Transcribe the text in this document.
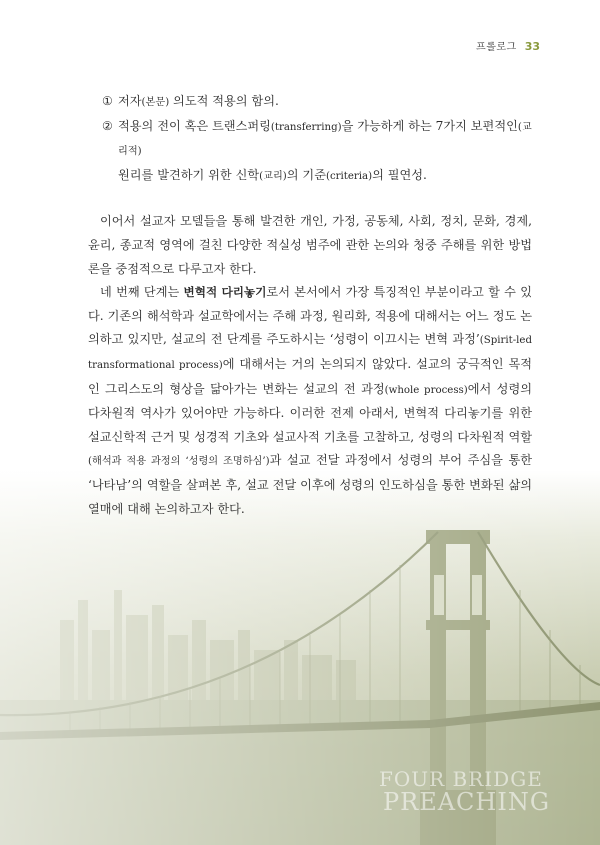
프롤로그 33
① 저자(본문) 의도적 적용의 함의.
② 적용의 전이 혹은 트랜스퍼링(transferring)을 가능하게 하는 7가지 보편적인(교리적)
원리를 발견하기 위한 신학(교리)의 기준(criteria)의 필연성.

이어서 설교자 모델들을 통해 발견한 개인, 가정, 공동체, 사회, 정치, 문화, 경제, 윤리, 종교적 영역에 걸친 다양한 적실성 범주에 관한 논의와 청중 주해를 위한 방법론을 중점적으로 다루고자 한다.

네 번째 단계는 변혁적 다리놓기로서 본서에서 가장 특징적인 부분이라고 할 수 있다. 기존의 해석학과 설교학에서는 주해 과정, 원리화, 적용에 대해서는 어느 정도 논의하고 있지만, 설교의 전 단계를 주도하시는 ‘성령이 이끄시는 변혁 과정’(Spirit-led transformational process)에 대해서는 거의 논의되지 않았다. 설교의 궁극적인 목적인 그리스도의 형상을 닮아가는 변화는 설교의 전 과정(whole process)에서 성령의 다차원적 역사가 있어야만 가능하다. 이러한 전제 아래서, 변혁적 다리놓기를 위한 설교신학적 근거 및 성경적 기초와 설교사적 기초를 고찰하고, 성령의 다차원적 역할(해석과 적용 과정의 ‘성령의 조명하심’)과 설교 전달 과정에서 성령의 부어 주심을 통한 ‘나타남’의 역할을 살펴본 후, 설교 전달 이후에 성령의 인도하심을 통한 변화된 삶의 열매에 대해 논의하고자 한다.

FOUR BRIDGE
PREACHING
